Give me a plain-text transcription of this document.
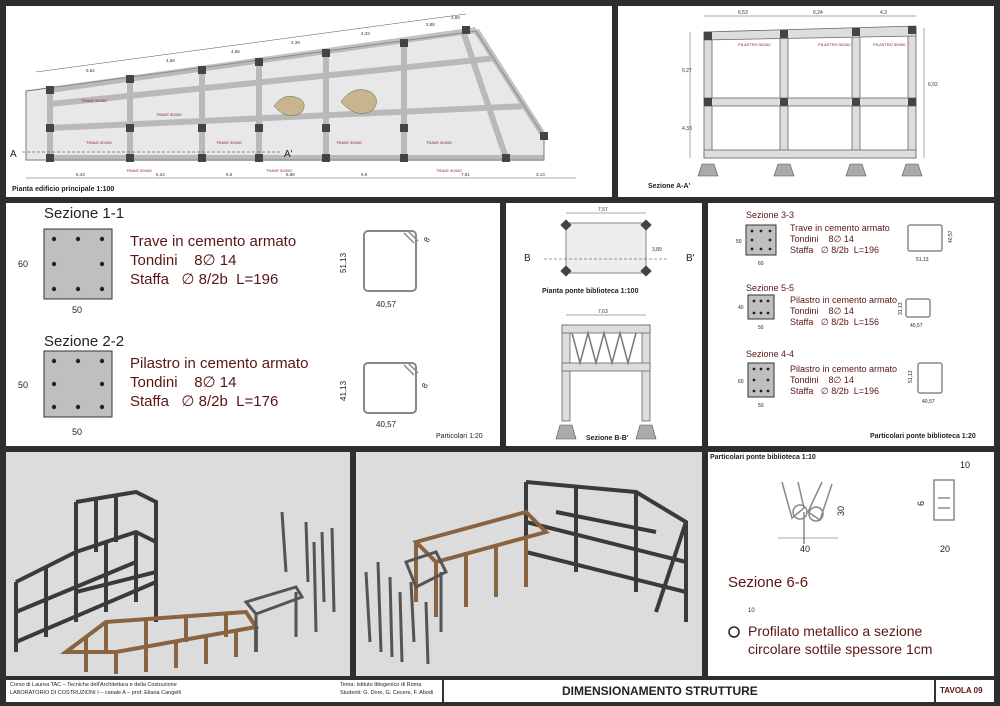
TRAVE 50X60
TRAVE 50X60
TRAVE 50X60	TRAVE 50X60	TRAVE 50X60	TRAVE 50X60
TRAVE 50X60	TRAVE 50X60	TRAVE 50X60
6,43	6,24	6,5	6,86	6,9	7,81	3,13
6,52
4,56
4,56
4,39
4,33
3,88
3,60
A	A'
Pianta edificio principale 1:100
PILASTRO 50X50	PILASTRO 50X50	PILASTRO 50X50
6,53	6,24	4,3
6,27
4,33
6,92
Sezione A-A'
Sezione 1-1
Sezione 2-2
Trave in cemento armato
Tondini    8∅ 14
Staffa   ∅ 8/2b  L=196
Pilastro in cemento armato
Tondini    8∅ 14
Staffa   ∅ 8/2b  L=176
60
50
50
50
51,13
40,57
8
41,13
40,57
8
Particolari 1:20
B	B'
7,57
3,89
7,63
Pianta ponte biblioteca 1:100
Sezione B-B'
Sezione 3-3
Trave in cemento armato
Tondini    8∅ 14
Staffa   ∅ 8/2b  L=196
Sezione 5-5
Pilastro in cemento armato
Tondini    8∅ 14
Staffa   ∅ 8/2b  L=156
Sezione 4-4
Pilastro in cemento armato
Tondini    8∅ 14
Staffa   ∅ 8/2b  L=196
50
60
40,57
51,13
40
50
31,13
40,57
60
50
51,13
40,57
Particolari ponte biblioteca 1:20
Particolari ponte biblioteca 1:10
40
30
10
6
20
10
Sezione 6-6
Profilato metallico a sezione
circolare sottile spessore 1cm
Corso di Laurea TAC – Tecniche dell'Architettura e della Costruzione
LABORATORIO DI COSTRUZIONI I – canale A – prof. Eliana Cangelli
Tema: Istituto Ittiogenico di Roma
Studenti: G. Dore, G. Cecere, F. Abodi	DIMENSIONAMENTO STRUTTURE	TAVOLA 09
